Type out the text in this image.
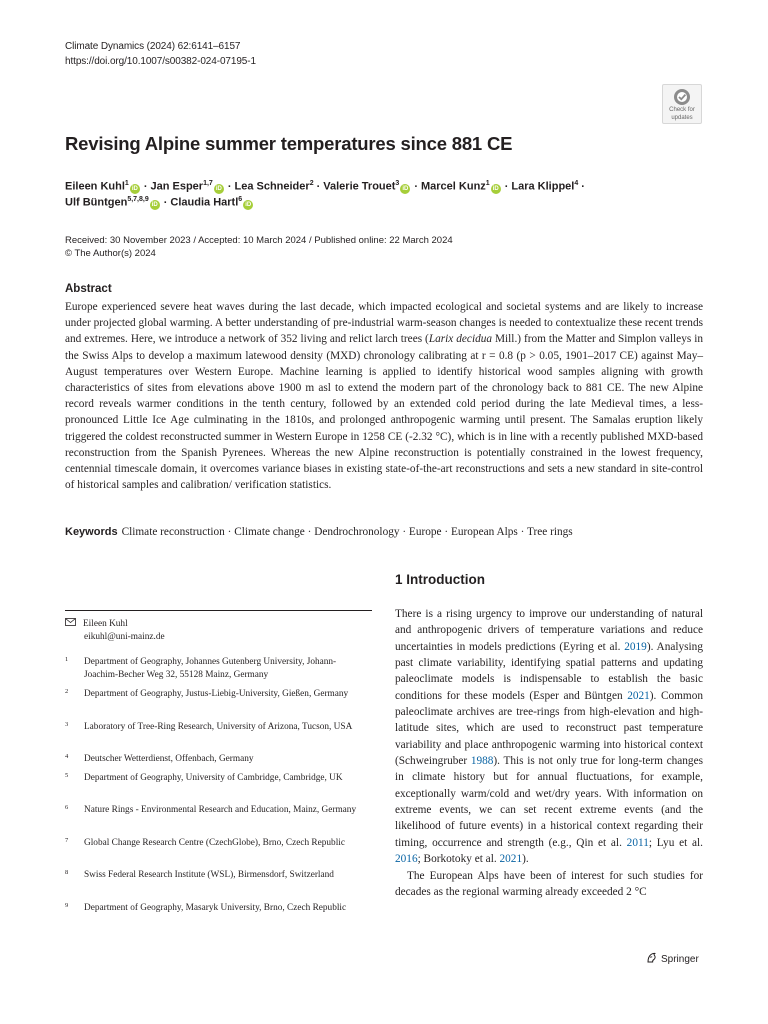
Climate Dynamics (2024) 62:6141–6157
https://doi.org/10.1007/s00382-024-07195-1
Check for
updates
Revising Alpine summer temperatures since 881 CE
Eileen Kuhl$^1$iD · Jan Esper$^{1,7}$iD · Lea Schneider$^2$ · Valerie Trouet$^3$iD · Marcel Kunz$^1$iD · Lara Klippel$^4$ ·
Ulf Büntgen$^{5,7,8,9}$iD · Claudia Hartl$^6$iD
Received: 30 November 2023 / Accepted: 10 March 2024 / Published online: 22 March 2024
© The Author(s) 2024
Abstract

Europe experienced severe heat waves during the last decade, which impacted ecological and societal systems and are likely to increase under projected global warming. A better understanding of pre-industrial warm-season changes is needed to contextualize these recent trends and extremes. Here, we introduce a network of 352 living and relict larch trees (Larix decidua Mill.) from the Matter and Simplon valleys in the Swiss Alps to develop a maximum latewood density (MXD) chronology calibrating at r = 0.8 (p > 0.05, 1901–2017 CE) against May–August temperatures over Western Europe. Machine learning is applied to identify historical wood samples aligning with growth characteristics of sites from elevations above 1900 m asl to extend the modern part of the chronology back to 881 CE. The new Alpine record reveals warmer conditions in the tenth century, followed by an extended cold period during the late Medieval times, a less-pronounced Little Ice Age culminating in the 1810s, and prolonged anthropogenic warming until present. The Samalas eruption likely triggered the coldest reconstructed summer in Western Europe in 1258 CE (-2.32 °C), which is in line with a recently published MXD-based reconstruction from the Spanish Pyrenees. Whereas the new Alpine reconstruction is potentially constrained in the lowest frequency, centennial timescale domain, it overcomes variance biases in existing state-of-the-art reconstructions and sets a new standard in site-control of historical samples and calibration/ verification statistics.

Keywords Climate reconstruction · Climate change · Dendrochronology · Europe · European Alps · Tree rings
1 Introduction

There is a rising urgency to improve our understanding of natural and anthropogenic drivers of temperature variations and reduce uncertainties in models predictions (Eyring et al. 2019). Analysing past climate variability, identifying spatial patterns and updating paleoclimate models is indispensable to establish the basic conditions for these models (Esper and Büntgen 2021). Common paleoclimate archives are tree-rings from high-elevation and high-latitude sites, which are used to reconstruct past temperature variability and place anthropogenic warming into historical context (Schweingruber 1988). This is not only true for long-term changes in climate history but for annual fluctuations, for example, exceptionally warm/cold and wet/dry years. With information on extreme events, we can set recent extreme events (and the likelihood of future events) in a historical context regarding their timing, occurrence and strength (e.g., Qin et al. 2011; Lyu et al. 2016; Borkotoky et al. 2021).
The European Alps have been of interest for such studies for decades as the regional warming already exceeded 2 °C

Eileen Kuhl
eikuhl@uni-mainz.de
1 Department of Geography, Johannes Gutenberg University, Johann-Joachim-Becher Weg 32, 55128 Mainz, Germany
2 Department of Geography, Justus-Liebig-University, Gießen, Germany
3 Laboratory of Tree-Ring Research, University of Arizona, Tucson, USA
4 Deutscher Wetterdienst, Offenbach, Germany
5 Department of Geography, University of Cambridge, Cambridge, UK
6 Nature Rings - Environmental Research and Education, Mainz, Germany
7 Global Change Research Centre (CzechGlobe), Brno, Czech Republic
8 Swiss Federal Research Institute (WSL), Birmensdorf, Switzerland
9 Department of Geography, Masaryk University, Brno, Czech Republic
Springer
